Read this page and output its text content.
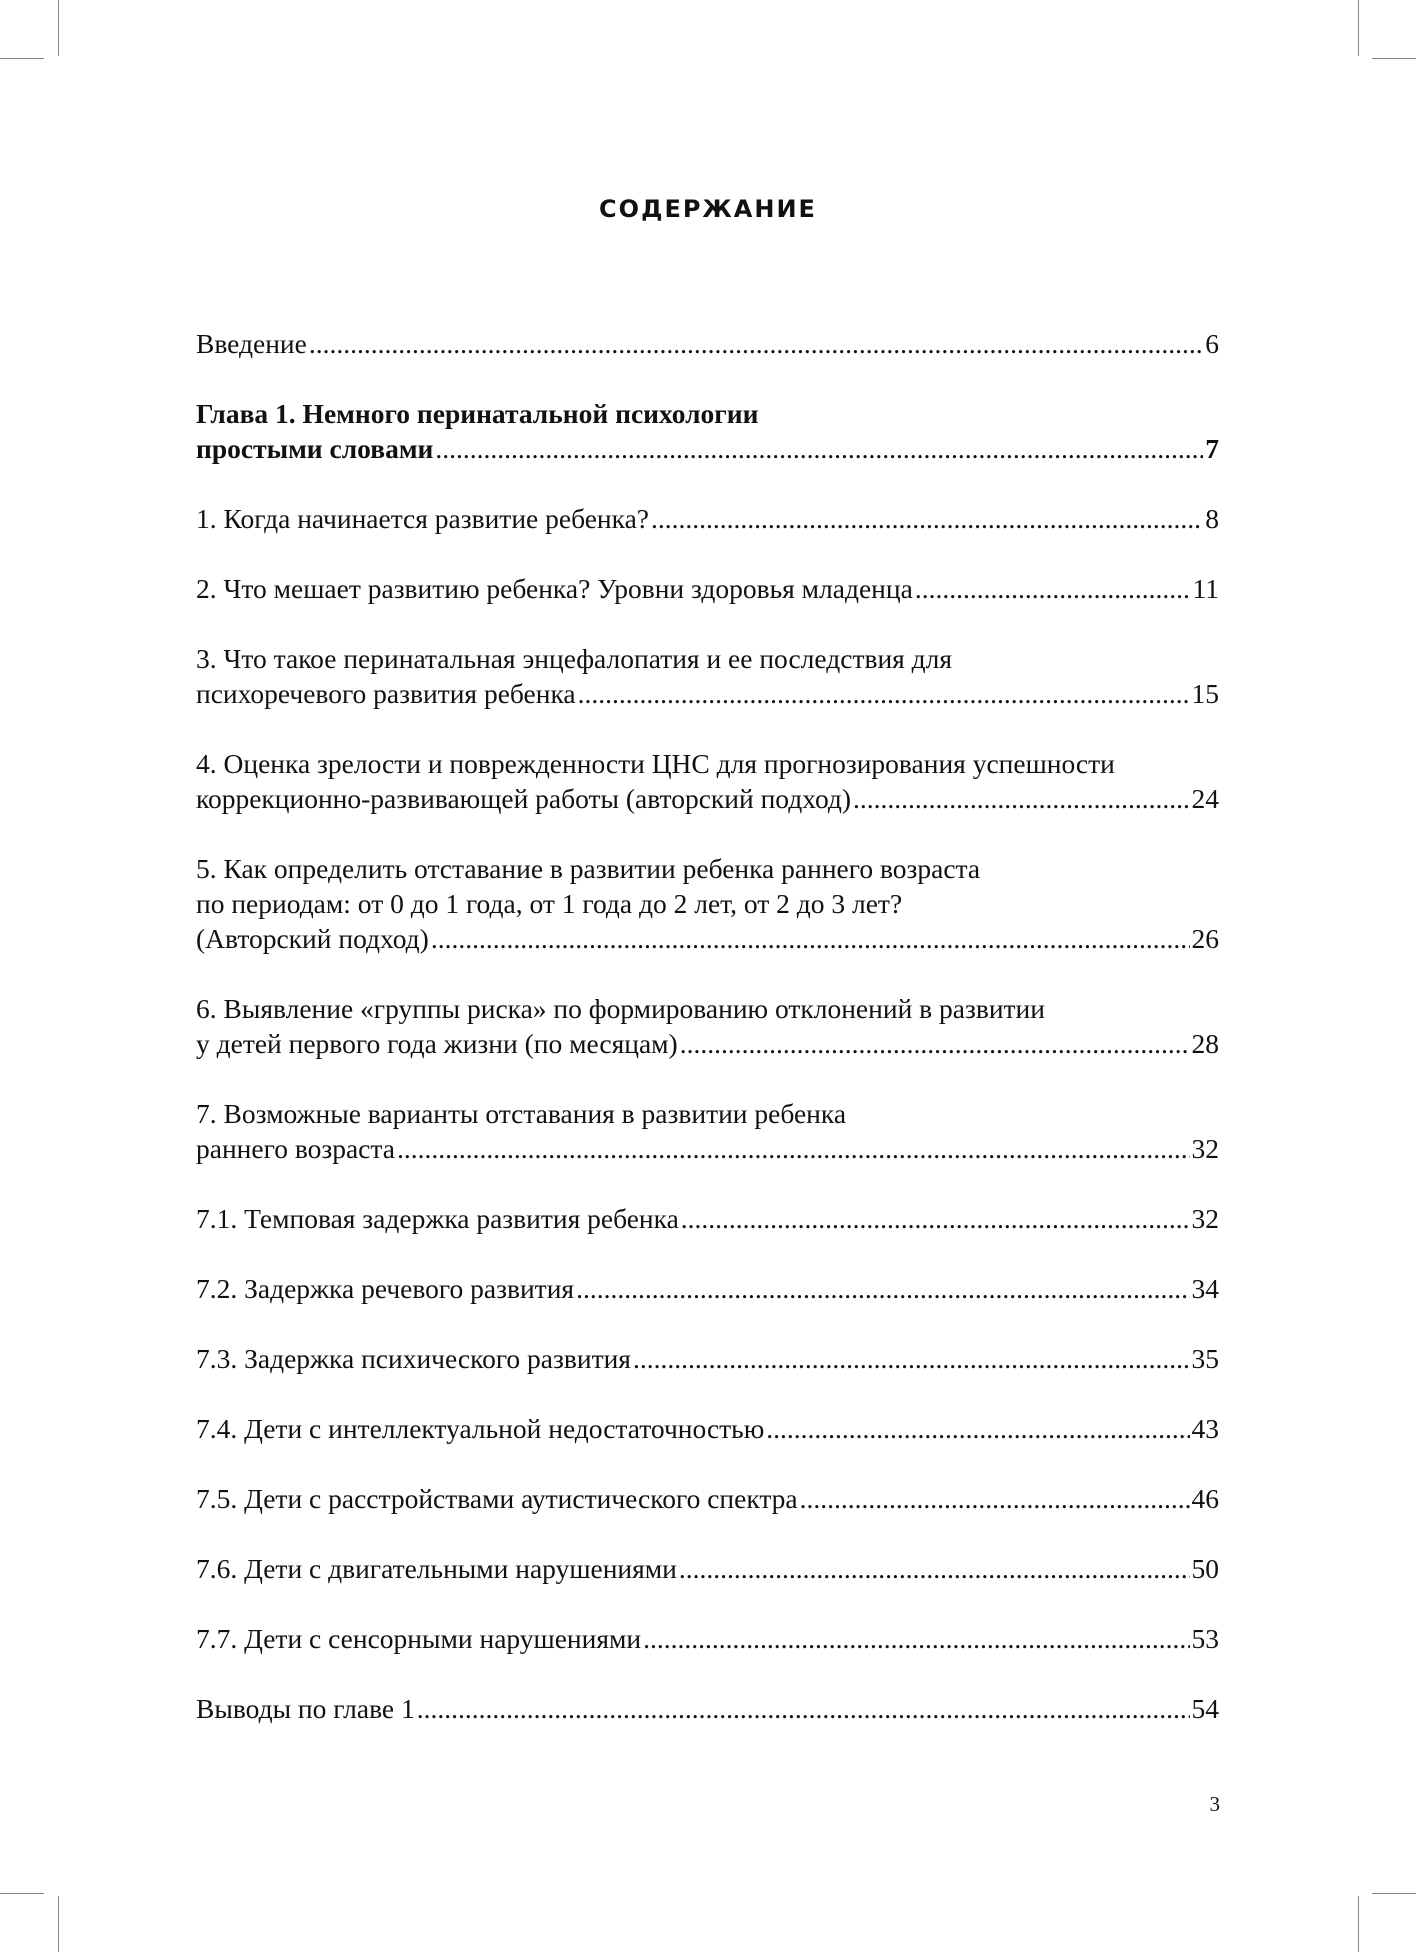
СОДЕРЖАНИЕ
Введение .....	6
Глава 1. Немного перинатальной психологии
простыми словами .....	7
1. Когда начинается развитие ребенка? .....	8
2. Что мешает развитию ребенка? Уровни здоровья младенца .....	11
3. Что такое перинатальная энцефалопатия и ее последствия для
психоречевого развития ребенка .....	15
4. Оценка зрелости и поврежденности ЦНС для прогнозирования успешности
коррекционно-развивающей работы (авторский подход) .....	24
5. Как определить отставание в развитии ребенка раннего возраста
по периодам: от 0 до 1 года, от 1 года до 2 лет, от 2 до 3 лет?
(Авторский подход) .....	26
6. Выявление «группы риска» по формированию отклонений в развитии
у детей первого года жизни (по месяцам) .....	28
7. Возможные варианты отставания в развитии ребенка
раннего возраста .....	32
7.1. Темповая задержка развития ребенка .....	32
7.2. Задержка речевого развития .....	34
7.3. Задержка психического развития .....	35
7.4. Дети с интеллектуальной недостаточностью .....	43
7.5. Дети с расстройствами аутистического спектра .....	46
7.6. Дети с двигательными нарушениями .....	50
7.7. Дети с сенсорными нарушениями .....	53
Выводы по главе 1 .....	54
3
